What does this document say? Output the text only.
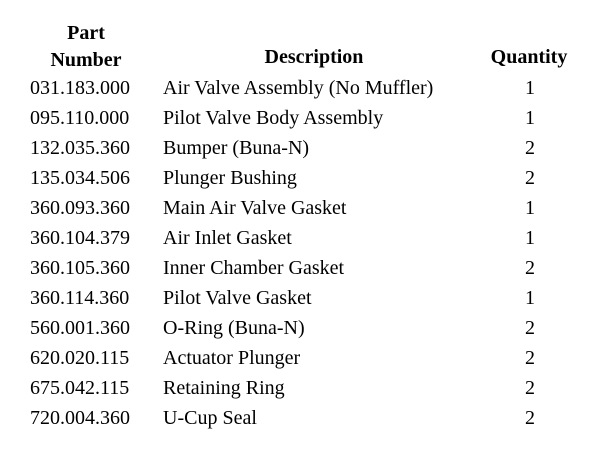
Part
Number	Description	Quantity
031.183.000 Air Valve Assembly (No Muffler)	1
095.110.000 Pilot Valve Body Assembly	1
132.035.360 Bumper (Buna-N)	2
135.034.506 Plunger Bushing	2
360.093.360 Main Air Valve Gasket	1
360.104.379 Air Inlet Gasket	1
360.105.360 Inner Chamber Gasket	2
360.114.360 Pilot Valve Gasket	1
560.001.360 O-Ring (Buna-N)	2
620.020.115 Actuator Plunger	2
675.042.115 Retaining Ring	2
720.004.360 U-Cup Seal	2
